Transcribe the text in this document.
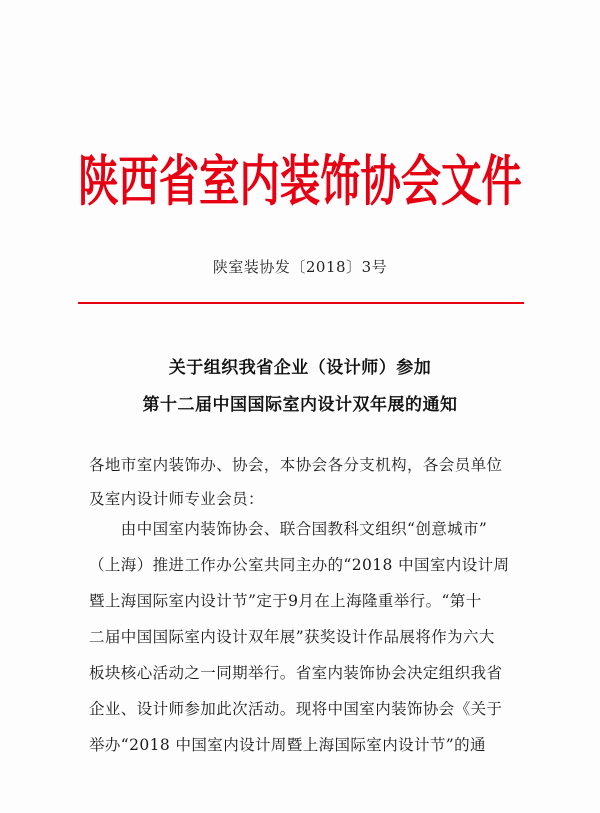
陕西省室内装饰协会文件
陕室装协发〔2018〕3号
关于组织我省企业（设计师）参加
第十二届中国国际室内设计双年展的通知
各地市室内装饰办、协会，本协会各分支机构，各会员单位
及室内设计师专业会员：
　　由中国室内装饰协会、联合国教科文组织“创意城市”
（上海）推进工作办公室共同主办的“2018 中国室内设计周
暨上海国际室内设计节”定于9月在上海隆重举行。“第十
二届中国国际室内设计双年展”获奖设计作品展将作为六大
板块核心活动之一同期举行。省室内装饰协会决定组织我省
企业、设计师参加此次活动。现将中国室内装饰协会《关于
举办“2018 中国室内设计周暨上海国际室内设计节”的通
